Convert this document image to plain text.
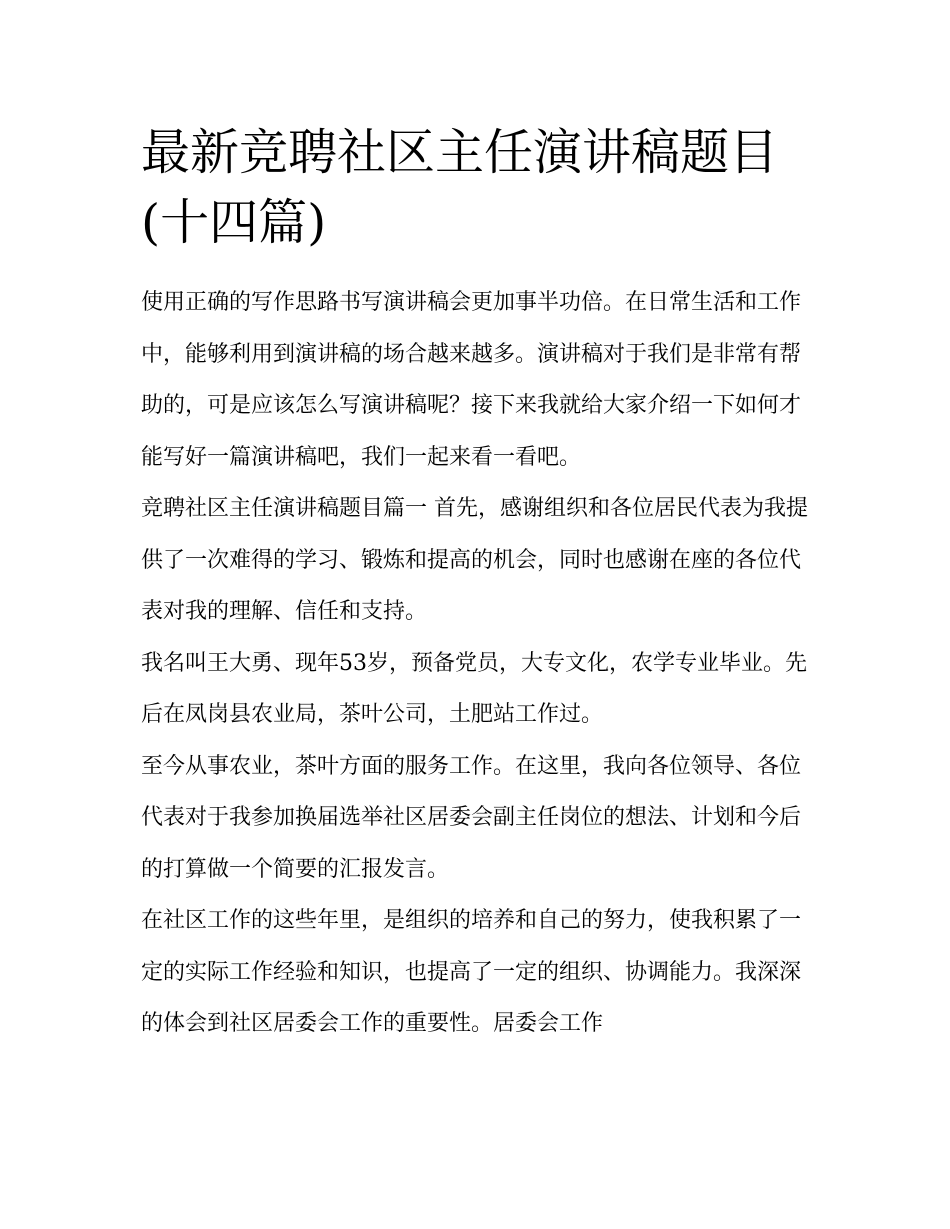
最新竞聘社区主任演讲稿题目
(十四篇)

使用正确的写作思路书写演讲稿会更加事半功倍。在日常生活和工作中，能够利用到演讲稿的场合越来越多。演讲稿对于我们是非常有帮助的，可是应该怎么写演讲稿呢？接下来我就给大家介绍一下如何才能写好一篇演讲稿吧，我们一起来看一看吧。

竞聘社区主任演讲稿题目篇一 首先，感谢组织和各位居民代表为我提供了一次难得的学习、锻炼和提高的机会，同时也感谢在座的各位代表对我的理解、信任和支持。

我名叫王大勇、现年53岁，预备党员，大专文化，农学专业毕业。先后在凤岗县农业局，茶叶公司，土肥站工作过。

至今从事农业，茶叶方面的服务工作。在这里，我向各位领导、各位代表对于我参加换届选举社区居委会副主任岗位的想法、计划和今后的打算做一个简要的汇报发言。

在社区工作的这些年里，是组织的培养和自己的努力，使我积累了一定的实际工作经验和知识，也提高了一定的组织、协调能力。我深深的体会到社区居委会工作的重要性。居委会工作
